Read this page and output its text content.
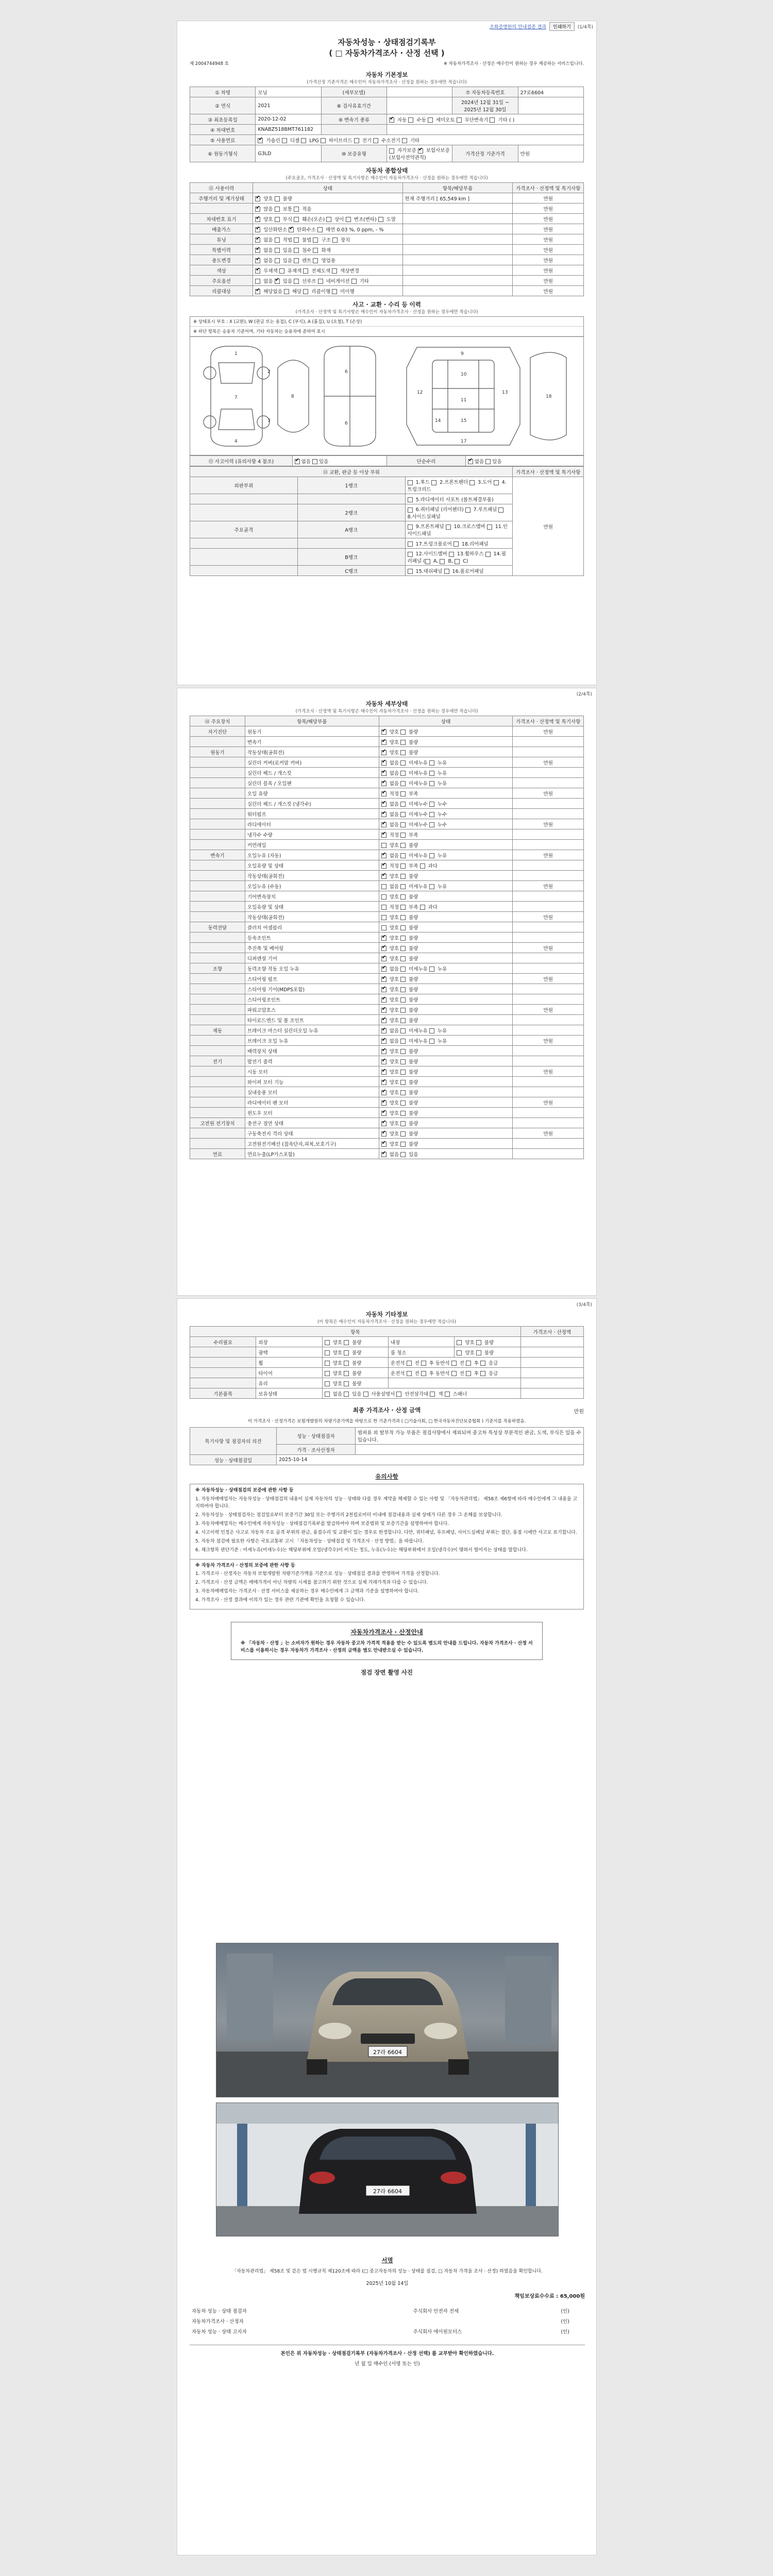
조회증명한의 안내접종 결과	인쇄하기	(1/4쪽)
자동차성능 · 상태점검기록부
( □ 자동차가격조사 · 산정 선택 )
제 2004744948 호	※ 자동차가격조사 · 산정은 매수인이 원하는 경우 제공하는 서비스입니다.
자동차 기본정보
(가격산정 기준가격은 매수인이 자동차가격조사 · 산정을 원하는 경우에만 적습니다)
① 차명	모닝	(세부모델)		⑦ 자동차등록번호	27로6604
② 연식	2021	⑧ 검사유효기간		2024년 12월 31일 ~ 2025년 12월 30일	
③ 최초등록일	2020-12-02	⑨ 변속기 종류	✔ 자동  수동  세미오토  무단변속기  기타 ( )
④ 차대번호	KNABZ518BMT761182				
⑤ 사용연료	✔ 가솔린  디젤  LPG  하이브리드  전기  수소전기  기타
⑥ 원동기형식	G3LD	⑩ 보증유형	자가보증 ✔ 보험사보증 (보험사전약관적)	가격산정 기준가격	만원
자동차 종합상태
(주요골조, 가격조사 · 산정액 및 특기사항은 매수인이 자동차가격조사 · 산정을 원하는 경우에만 적습니다)
⑪ 사용이력	상태	항목/해당부품	가격조사 · 산정액 및 특기사항
주행거리 및 계기상태	✔ 양호  불량	현재 주행거리 [ 65,549 km ]	만원
	✔ 많음  보통  적음		만원
차대번호 표기	✔ 양호  부식  훼손(오손)  상이  변조(변타)  도말		만원
배출가스	✔ 일산화탄소 ✔ 탄화수소  매연 0.03 %, 0 ppm, - %		만원
튜닝	✔ 없음  적법  불법  구조  장치		만원
특별이력	✔ 없음  있음  침수  화재		만원
용도변경	✔ 없음  있음  렌트  영업용		만원
색상	✔ 무채색  유채색  전체도색  색상변경		만원
주요옵션	없음 ✔ 있음  선루프  네비게이션  기타		만원
리콜대상	✔ 해당없음  해당  리콜이행  미이행		만원
사고 · 교환 · 수리 등 이력
(가격조사 · 산정액 및 특기사항은 매수인이 자동차가격조사 · 산정을 원하는 경우에만 적습니다)
※ 상태표시 부호 : X (교환), W (판금 또는 용접), C (부식), A (흠집), U (요철), T (손상)
※ 하단 항목은 승용차 기준이며, 기타 자동차는 승용차에 준하여 표시
1
2
7
3
4
8
6
6
9
10
11
12	13
14	15
17
18
⑫ 사고이력 (유의사항 4 참조)	✔없음 있음	단순수리	✔없음 있음
⑬ 교환, 판금 등 이상 부위			가격조사 · 산정액 및 특기사항
외판부위	1랭크	1.후드  2.프론트펜더  3.도어  4.트렁크리드	만원
		5.라디에이터 서포트 (볼트체결부품)	
	2랭크	6.쿼터패널 (리어펜더)  7.루프패널  8.사이드실패널	
주요골격	A랭크	9.프론트패널  10.크로스멤버  11.인사이드패널	
		17.트렁크플로어  18.리어패널	
	B랭크	12.사이드멤버  13.휠하우스  14.필러패널 ( A,  B,  C)	
	C랭크	15.대쉬패널  16.플로어패널	
(2/4쪽)
자동차 세부상태
(가격조사 · 산정액 및 특기사항은 매수인이 자동차가격조사 · 산정을 원하는 경우에만 적습니다)
⑭ 주요장치	항목/해당부품	상태	가격조사 · 산정액 및 특기사항
자기진단	원동기	✔ 양호  불량	만원
	변속기	✔ 양호  불량	
원동기	작동상태(공회전)	✔ 양호  불량	
	실린더 커버(로커암 커버)	✔ 없음  미세누유  누유	만원
	실린더 헤드 / 개스킷	✔ 없음  미세누유  누유	
	실린더 블록 / 오일팬	✔ 없음  미세누유  누유	
	오일 유량	✔ 적정  부족	만원
	실린더 헤드 / 개스킷 (냉각수)	✔ 없음  미세누수  누수	
	워터펌프	✔ 없음  미세누수  누수	
	라디에이터	✔ 없음  미세누수  누수	만원
	냉각수 수량	✔ 적정  부족	
	커먼레일	양호  불량	
변속기	오일누유 (자동)	✔ 없음  미세누유  누유	만원
	오일유량 및 상태	✔ 적정  부족  과다	
	작동상태(공회전)	✔ 양호  불량	
	오일누유 (수동)	없음  미세누유  누유	만원
	기어변속장치	양호  불량	
	오일유량 및 상태	적정  부족  과다	
	작동상태(공회전)	양호  불량	만원
동력전달	클러치 어셈블리	양호  불량	
	등속조인트	✔ 양호  불량	
	추진축 및 베어링	✔ 양호  불량	만원
	디퍼렌셜 기어	✔ 양호  불량	
조향	동력조향 작동 오일 누유	✔ 없음  미세누유  누유	
	스티어링 펌프	✔ 양호  불량	만원
	스티어링 기어(MDPS포함)	✔ 양호  불량	
	스티어링조인트	✔ 양호  불량	
	파워고압호스	✔ 양호  불량	만원
	타이로드엔드 및 볼 조인트	✔ 양호  불량	
제동	브레이크 마스터 실린더오일 누유	✔ 없음  미세누유  누유	
	브레이크 오일 누유	✔ 없음  미세누유  누유	만원
	배력장치 상태	✔ 양호  불량	
전기	발전기 출력	✔ 양호  불량	
	시동 모터	✔ 양호  불량	만원
	와이퍼 모터 기능	✔ 양호  불량	
	실내송풍 모터	✔ 양호  불량	
	라디에이터 팬 모터	✔ 양호  불량	만원
	윈도우 모터	✔ 양호  불량	
고전원 전기장치	충전구 절연 상태	✔ 양호  불량	
	구동축전지 격리 상태	✔ 양호  불량	만원
	고전원전기배선 (접속단자,피복,보호기구)	✔ 양호  불량	
연료	연료누출(LP가스포함)	✔ 없음  있음	
(3/4쪽)
자동차 기타정보
(이 항목은 매수인이 자동차가격조사 · 산정을 원하는 경우에만 적습니다)
항목					가격조사 · 산정액
수리필요	외장	양호  불량	내장	양호  불량	
	광택	양호  불량	룸 청소	양호  불량	
	휠	양호  불량	운전석  전  후 동반석  전  후  응급		
	타이어	양호  불량	운전석  전  후 동반석  전  후  응급		
	유리	양호  불량			
기본품목	보유상태	없음  있음  사용설명서  안전삼각대  잭  스패너			
최종 가격조사 · 산정 금액	만원
이 가격조사 · 산정가격은 보험개발원의 차량기준가액을 바탕으로 한 기준가격과 ( □기술사회, □ 한국자동차진단보증협회 ) 기준서를 적용하였음.
특기사항 및 점검자의 의견	성능 · 상태점검자	범퍼류 외 탈부착 가능 부품은 점검사항에서 제외되며 중고차 특성상 부분적인 판금, 도색, 부식은 있을 수 있습니다.
	가격 · 조사산정자	
성능 · 상태점검일	2025-10-14	
유의사항

※ 자동차성능 · 상태점검의 보증에 관한 사항 등

1. 자동차매매업자는 자동차성능 · 상태점검의 내용이 실제 자동차의 성능 · 상태와 다를 경우 계약을 해제할 수 있는 사항 및 「자동차관리법」 제58조 제6항에 따라 매수인에게 그 내용을 고지하여야 합니다.

2. 자동차성능 · 상태점검자는 점검일로부터 보증기간 30일 또는 주행거리 2천킬로미터 이내에 점검내용과 실제 상태가 다른 경우 그 손해를 보상합니다.

3. 자동차매매업자는 매수인에게 자동차성능 · 상태점검기록부를 발급하여야 하며 보증범위 및 보증기간을 설명하여야 합니다.

4. 사고이력 인정은 사고로 자동차 주요 골격 부위의 판금, 용접수리 및 교환이 있는 경우로 한정합니다. 다만, 쿼터패널, 루프패널, 사이드실패널 부위는 절단, 용접 시에만 사고로 표기합니다.

5. 자동차 점검에 필요한 사항은 국토교통부 고시 「자동차성능 · 상태점검 및 가격조사 · 산정 방법」을 따릅니다.

6. 체크항목 판단기준 : 미세누유(미세누수)는 해당부위에 오일(냉각수)이 비치는 정도, 누유(누수)는 해당부위에서 오일(냉각수)이 맺혀서 떨어지는 상태를 말합니다.

※ 자동차 가격조사 · 산정의 보증에 관한 사항 등

1. 가격조사 · 산정자는 자동차 보험개발원 차량기준가액을 기준으로 성능 · 상태점검 결과를 반영하여 가격을 산정합니다.

2. 가격조사 · 산정 금액은 매매가격이 아닌 차량의 시세를 참고하기 위한 것으로 실제 거래가격과 다를 수 있습니다.

3. 자동차매매업자는 가격조사 · 산정 서비스를 제공하는 경우 매수인에게 그 금액과 기준을 설명하여야 합니다.

4. 가격조사 · 산정 결과에 이의가 있는 경우 관련 기관에 확인을 요청할 수 있습니다.

자동차가격조사 · 산정안내
※ 「자동차 · 산정 」는 소비자가 원하는 경우 자동차 중고차 가격적 적용을 받는 수 있도록 별도의 안내를 드립니다. 자동차 가격조사 · 산정 서비스를 이용하시는 경우 자동차가 가격조사 · 산정의 금액을 별도 안내받으실 수 있습니다.
점검 장면 촬영 사진
27라 6604
27라 6604
서명
「자동차관리법」 제58조 및 같은 법 시행규칙 제120조에 따라 (□ 중고자동차의 성능 · 상태를 점검, □ 자동차 가격을 조사 · 산정) 하였음을 확인합니다.
2025년 10월 14일
책임보상료수수료 : 65,000원
자동차 성능 · 상태 점검자		주식회사 안전자 전세	(인)
자동차가격조사 · 산정자			(인)
자동차 성능 · 상태 고지자		주식회사 에이원모터스	(인)
본인은 위 자동차성능 · 상태점검기록부 (자동차가격조사 · 산정 선택) 를 교부받아 확인하였습니다.
년 월 일 매수인 (서명 또는 인)
